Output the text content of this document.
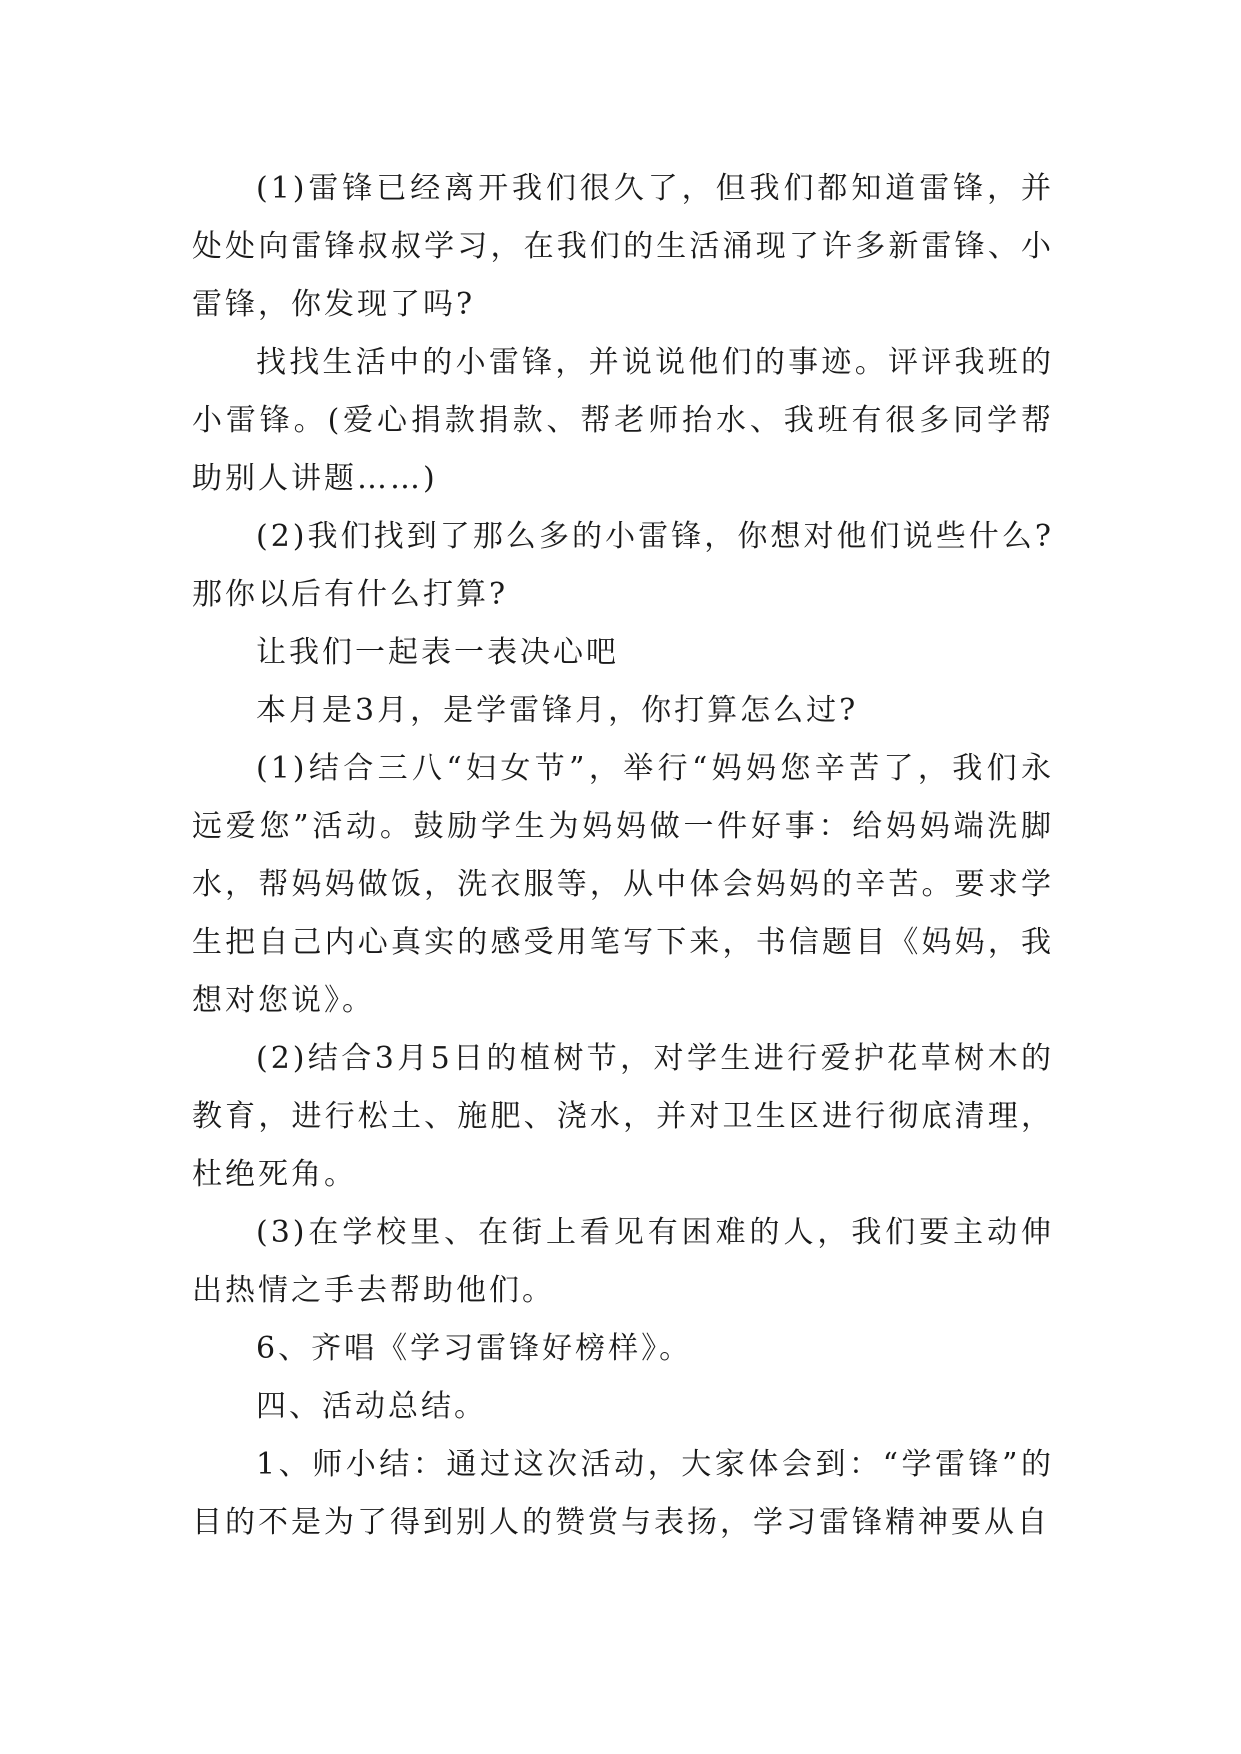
(1)雷锋已经离开我们很久了，但我们都知道雷锋，并处处向雷锋叔叔学习，在我们的生活涌现了许多新雷锋、小雷锋，你发现了吗?

找找生活中的小雷锋，并说说他们的事迹。评评我班的小雷锋。(爱心捐款捐款、帮老师抬水、我班有很多同学帮助别人讲题……)

(2)我们找到了那么多的小雷锋，你想对他们说些什么?那你以后有什么打算?

让我们一起表一表决心吧

本月是3月，是学雷锋月，你打算怎么过?

(1)结合三八“妇女节”，举行“妈妈您辛苦了，我们永远爱您”活动。鼓励学生为妈妈做一件好事：给妈妈端洗脚水，帮妈妈做饭，洗衣服等，从中体会妈妈的辛苦。要求学生把自己内心真实的感受用笔写下来，书信题目《妈妈，我想对您说》。

(2)结合3月5日的植树节，对学生进行爱护花草树木的教育，进行松土、施肥、浇水，并对卫生区进行彻底清理，杜绝死角。

(3)在学校里、在街上看见有困难的人，我们要主动伸出热情之手去帮助他们。

6、齐唱《学习雷锋好榜样》。

四、活动总结。

1、师小结：通过这次活动，大家体会到：“学雷锋”的目的不是为了得到别人的赞赏与表扬，学习雷锋精神要从自
